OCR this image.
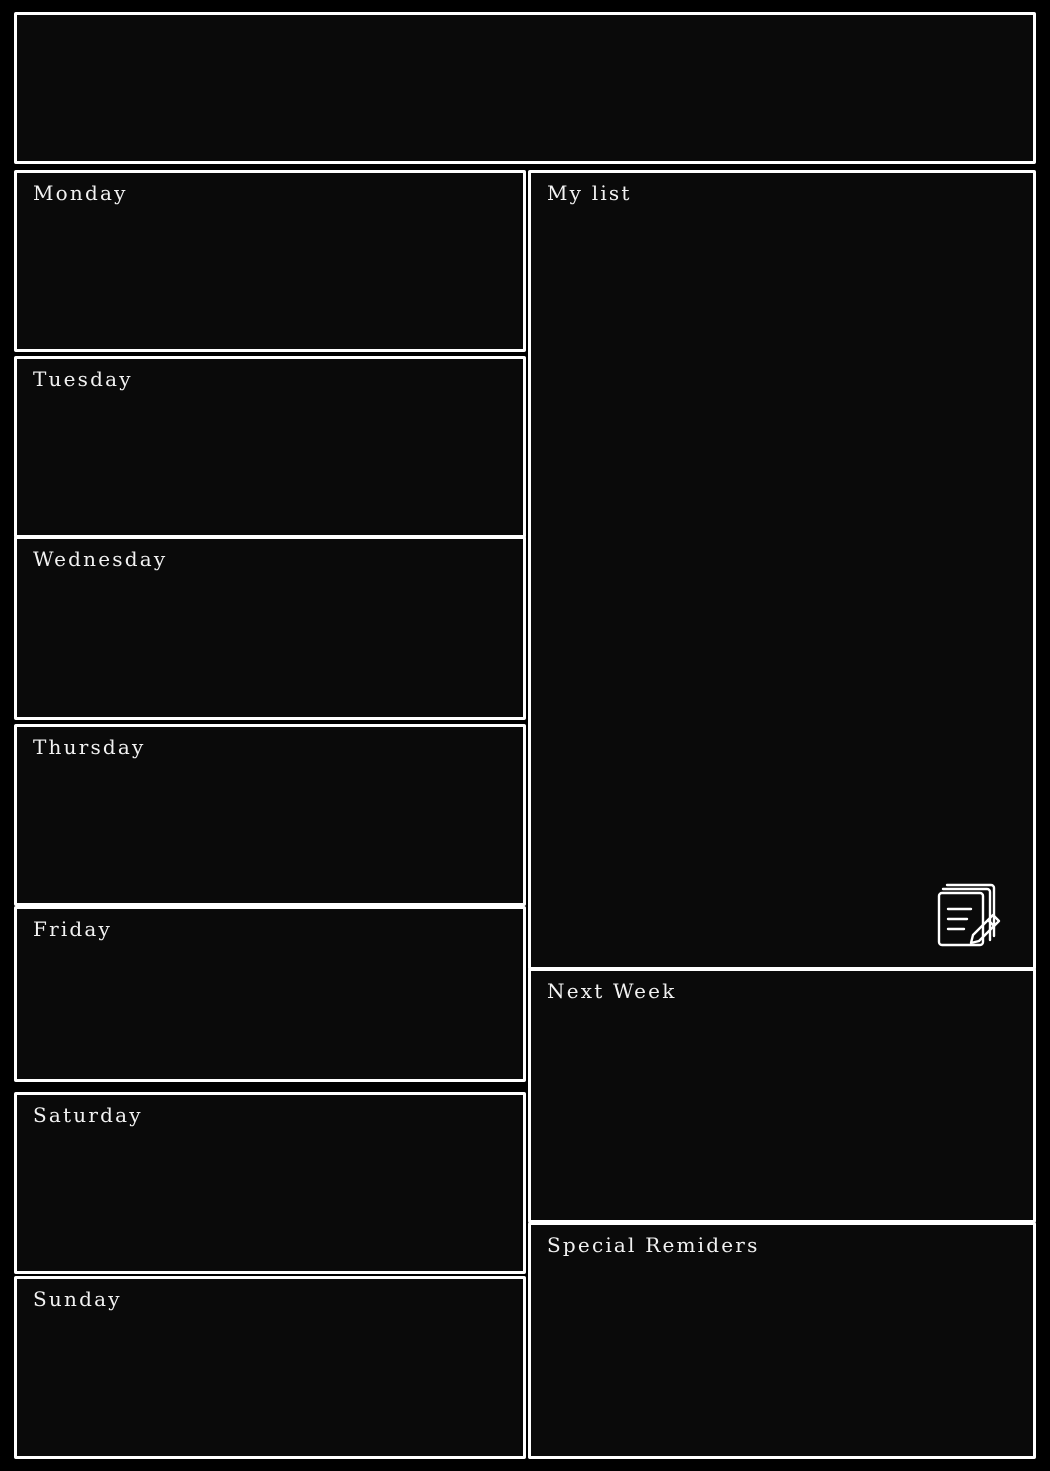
Monday
Tuesday
Wednesday
Thursday
Friday
Saturday
Sunday
My list
Next Week
Special Remiders
